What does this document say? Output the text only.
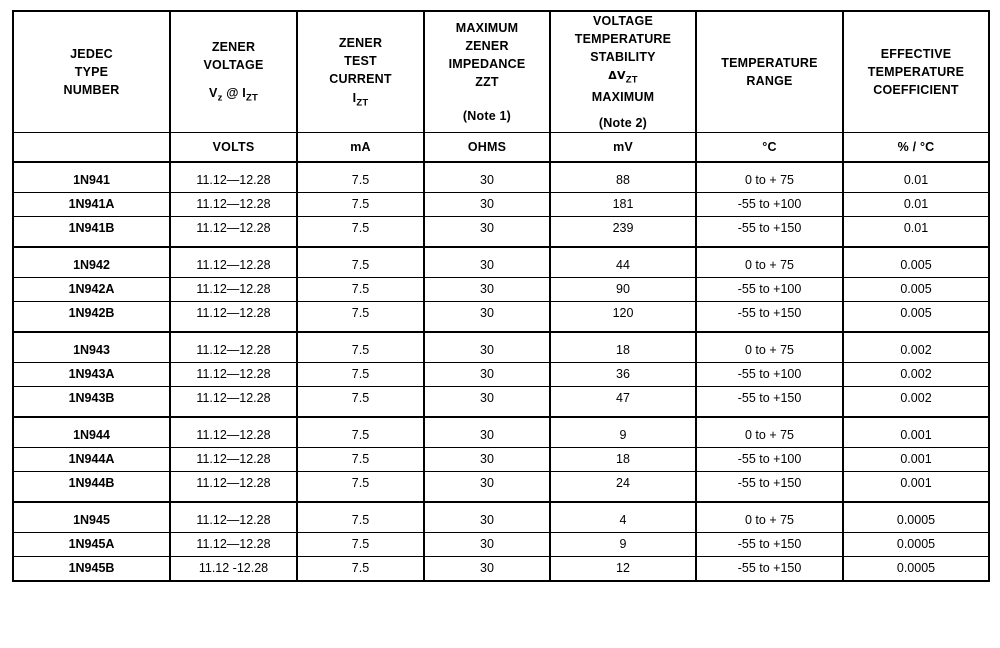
JEDEC
TYPE
NUMBER

ZENER
VOLTAGE
$V_z$ @ $I_{ZT}$

ZENER
TEST
CURRENT
$I_{ZT}$

MAXIMUM
ZENER
IMPEDANCE
ZZT
(Note 1)

VOLTAGE
TEMPERATURE
STABILITY
$\Delta V_{ZT}$
MAXIMUM
(Note 2)

TEMPERATURE
RANGE

EFFECTIVE
TEMPERATURE
COEFFICIENT

	VOLTS	mA	OHMS	mV	°C	% / °C
1N941	11.12—12.28	7.5	30	88	0 to + 75	0.01
1N941A	11.12—12.28	7.5	30	181	-55 to +100	0.01
1N941B	11.12—12.28	7.5	30	239	-55 to +150	0.01
1N942	11.12—12.28	7.5	30	44	0 to + 75	0.005
1N942A	11.12—12.28	7.5	30	90	-55 to +100	0.005
1N942B	11.12—12.28	7.5	30	120	-55 to +150	0.005
1N943	11.12—12.28	7.5	30	18	0 to + 75	0.002
1N943A	11.12—12.28	7.5	30	36	-55 to +100	0.002
1N943B	11.12—12.28	7.5	30	47	-55 to +150	0.002
1N944	11.12—12.28	7.5	30	9	0 to + 75	0.001
1N944A	11.12—12.28	7.5	30	18	-55 to +100	0.001
1N944B	11.12—12.28	7.5	30	24	-55 to +150	0.001
1N945	11.12—12.28	7.5	30	4	0 to + 75	0.0005
1N945A	11.12—12.28	7.5	30	9	-55 to +150	0.0005
1N945B	11.12 -12.28	7.5	30	12	-55 to +150	0.0005
